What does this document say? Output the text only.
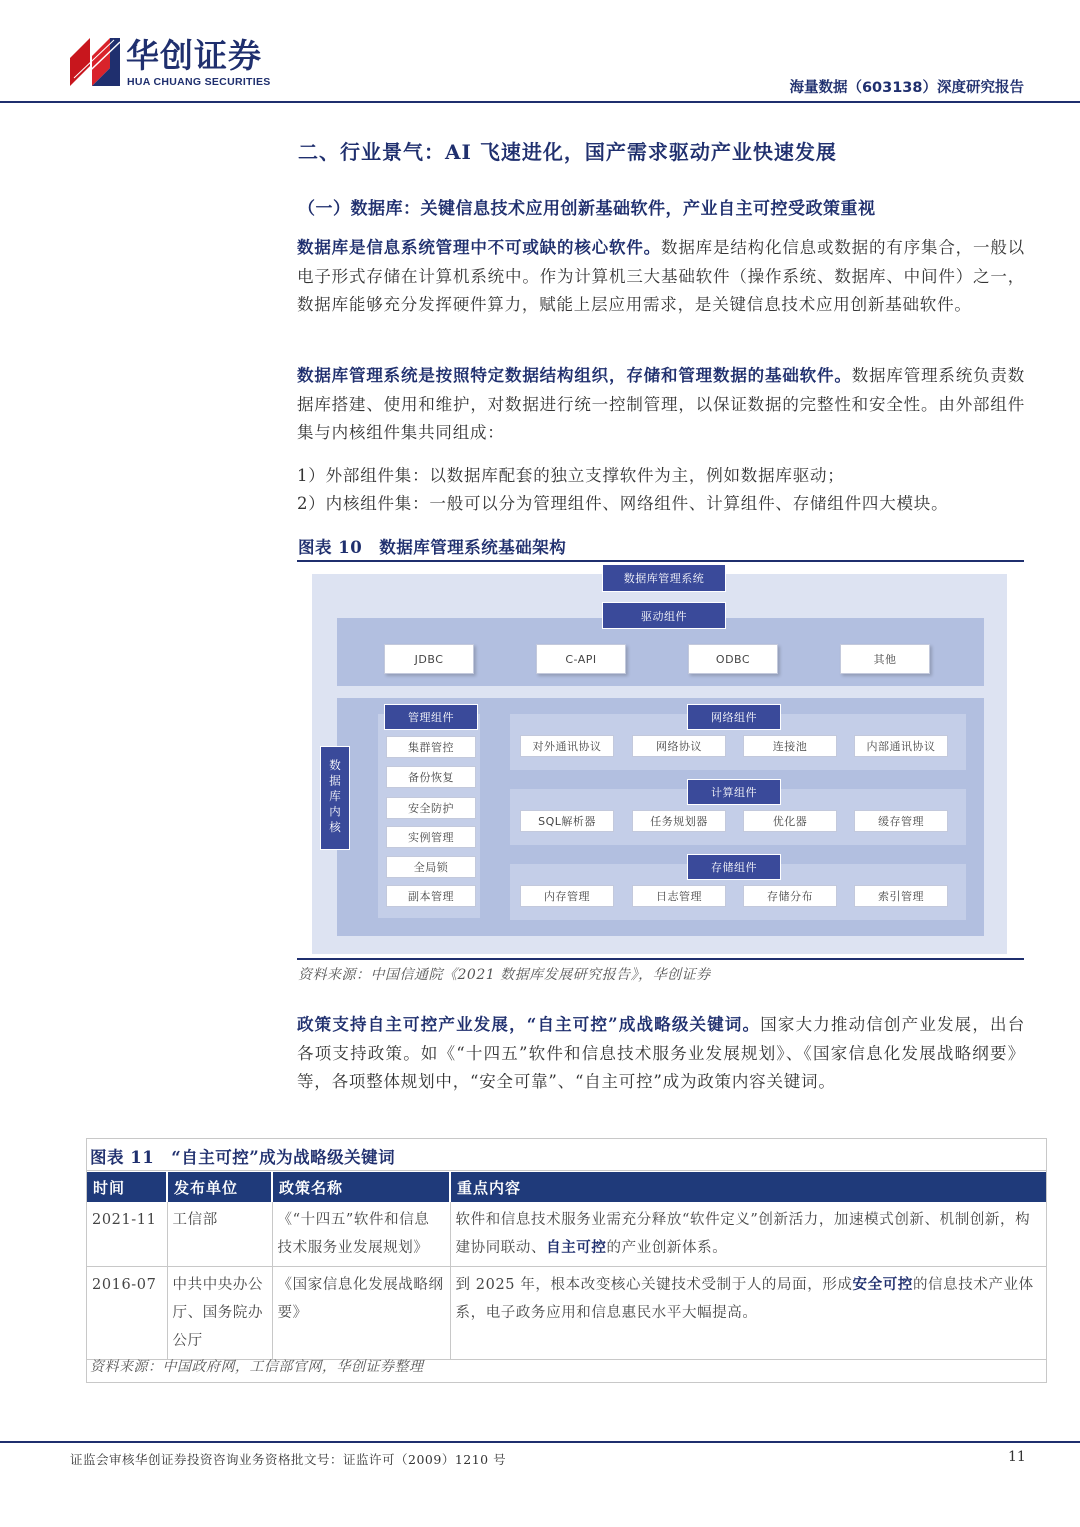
华创证券
HUA CHUANG SECURITIES	海量数据（603138）深度研究报告
二、行业景气：AI 飞速进化，国产需求驱动产业快速发展
（一）数据库：关键信息技术应用创新基础软件，产业自主可控受政策重视
数据库是信息系统管理中不可或缺的核心软件。数据库是结构化信息或数据的有序集合，一般以电子形式存储在计算机系统中。作为计算机三大基础软件（操作系统、数据库、中间件）之一，数据库能够充分发挥硬件算力，赋能上层应用需求，是关键信息技术应用创新基础软件。
数据库管理系统是按照特定数据结构组织，存储和管理数据的基础软件。数据库管理系统负责数据库搭建、使用和维护，对数据进行统一控制管理，以保证数据的完整性和安全性。由外部组件集与内核组件集共同组成：
1）外部组件集：以数据库配套的独立支撑软件为主，例如数据库驱动；
2）内核组件集：一般可以分为管理组件、网络组件、计算组件、存储组件四大模块。
图表 10　数据库管理系统基础架构
数据库管理系统
驱动组件
JDBC	C-API	ODBC	其他
数据库内核
管理组件
集群管控
备份恢复
安全防护
实例管理
全局锁
副本管理
网络组件
对外通讯协议	网络协议	连接池	内部通讯协议
计算组件
SQL解析器	任务规划器	优化器	缓存管理
存储组件
内存管理	日志管理	存储分布	索引管理
资料来源：中国信通院《2021 数据库发展研究报告》，华创证券
政策支持自主可控产业发展，“自主可控”成战略级关键词。国家大力推动信创产业发展，出台各项支持政策。如《“十四五”软件和信息技术服务业发展规划》、《国家信息化发展战略纲要》等，各项整体规划中，“安全可靠”、“自主可控”成为政策内容关键词。
图表 11　“自主可控”成为战略级关键词
时间	发布单位	政策名称	重点内容
2021-11	工信部	《“十四五”软件和信息技术服务业发展规划》	软件和信息技术服务业需充分释放“软件定义”创新活力，加速模式创新、机制创新，构建协同联动、自主可控的产业创新体系。
2016-07	中共中央办公厅、国务院办公厅	《国家信息化发展战略纲要》	到 2025 年，根本改变核心关键技术受制于人的局面，形成安全可控的信息技术产业体系，电子政务应用和信息惠民水平大幅提高。
资料来源：中国政府网，工信部官网，华创证券整理
证监会审核华创证券投资咨询业务资格批文号：证监许可（2009）1210 号	11
